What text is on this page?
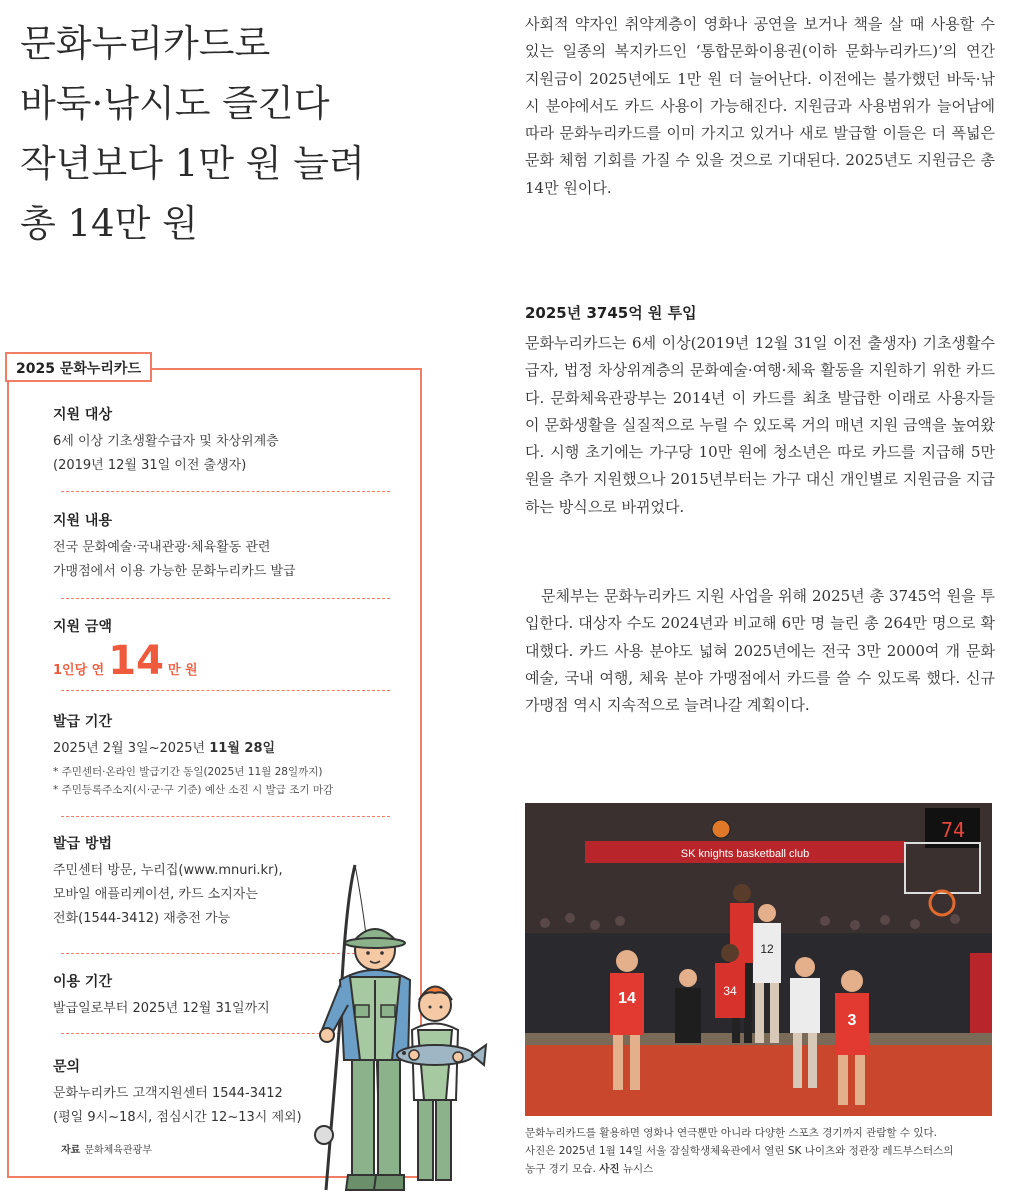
문화누리카드로
바둑·낚시도 즐긴다
작년보다 1만 원 늘려
총 14만 원

사회적 약자인 취약계층이 영화나 공연을 보거나 책을 살 때 사용할 수 있는 일종의 복지카드인 ‘통합문화이용권(이하 문화누리카드)’의 연간 지원금이 2025년에도 1만 원 더 늘어난다. 이전에는 불가했던 바둑·낚시 분야에서도 카드 사용이 가능해진다. 지원금과 사용범위가 늘어남에 따라 문화누리카드를 이미 가지고 있거나 새로 발급할 이들은 더 폭넓은 문화 체험 기회를 가질 수 있을 것으로 기대된다. 2025년도 지원금은 총 14만 원이다.

2025년 3745억 원 투입

문화누리카드는 6세 이상(2019년 12월 31일 이전 출생자) 기초생활수급자, 법정 차상위계층의 문화예술·여행·체육 활동을 지원하기 위한 카드다. 문화체육관광부는 2014년 이 카드를 최초 발급한 이래로 사용자들이 문화생활을 실질적으로 누릴 수 있도록 거의 매년 지원 금액을 높여왔다. 시행 초기에는 가구당 10만 원에 청소년은 따로 카드를 지급해 5만 원을 추가 지원했으나 2015년부터는 가구 대신 개인별로 지원금을 지급하는 방식으로 바뀌었다.

문체부는 문화누리카드 지원 사업을 위해 2025년 총 3745억 원을 투입한다. 대상자 수도 2024년과 비교해 6만 명 늘린 총 264만 명으로 확대했다. 카드 사용 분야도 넓혀 2025년에는 전국 3만 2000여 개 문화예술, 국내 여행, 체육 분야 가맹점에서 카드를 쓸 수 있도록 했다. 신규 가맹점 역시 지속적으로 늘려나갈 계획이다.

2025 문화누리카드

지원 대상

6세 이상 기초생활수급자 및 차상위계층

(2019년 12월 31일 이전 출생자)

지원 내용

전국 문화예술·국내관광·체육활동 관련

가맹점에서 이용 가능한 문화누리카드 발급

지원 금액

1인당 연 14 만 원

발급 기간

2025년 2월 3일~2025년 11월 28일

* 주민센터·온라인 발급기간 동일(2025년 11월 28일까지)

* 주민등록주소지(시·군·구 기준) 예산 소진 시 발급 조기 마감

발급 방법

주민센터 방문, 누리집(www.mnuri.kr),

모바일 애플리케이션, 카드 소지자는

전화(1544-3412) 재충전 가능

이용 기간

발급일로부터 2025년 12월 31일까지

문의

문화누리카드 고객지원센터 1544-3412

(평일 9시~18시, 점심시간 12~13시 제외)

자료 문화체육관광부

SK knights basketball club
74
12
14
3
34

문화누리카드를 활용하면 영화나 연극뿐만 아니라 다양한 스포츠 경기까지 관람할 수 있다.
사진은 2025년 1월 14일 서울 잠실학생체육관에서 열린 SK 나이츠와 정관장 레드부스터스의
농구 경기 모습. 사진 뉴시스
